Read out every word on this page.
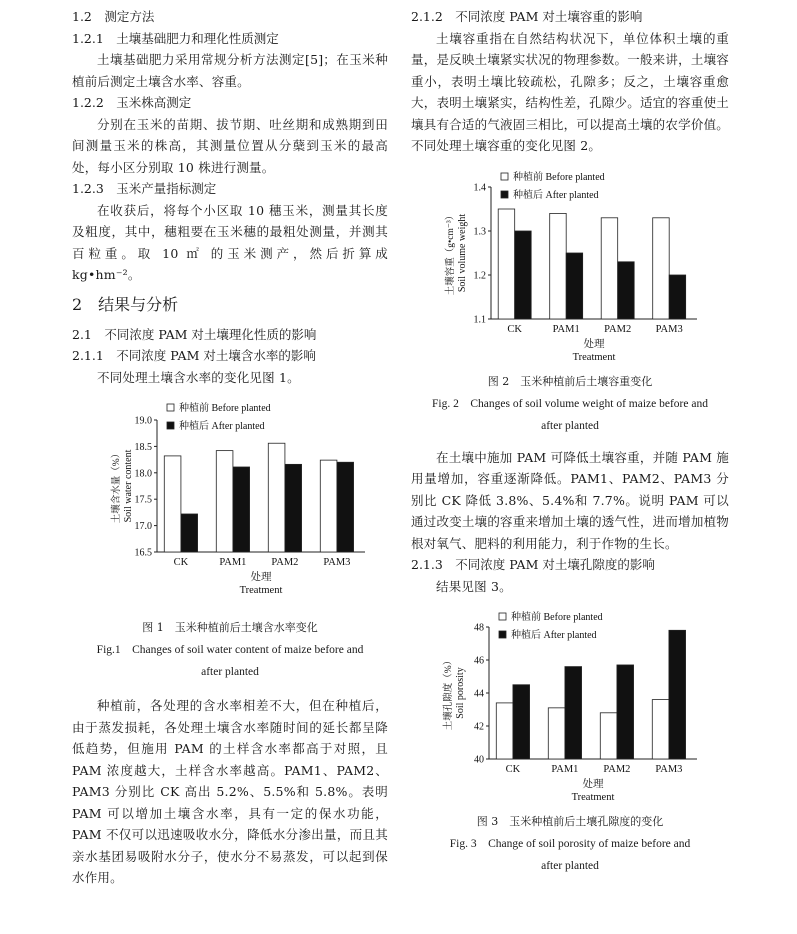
1.2　测定方法

1.2.1　土壤基础肥力和理化性质测定

土壤基础肥力采用常规分析方法测定[5]；在玉米种植前后测定土壤含水率、容重。

1.2.2　玉米株高测定

分别在玉米的苗期、拔节期、吐丝期和成熟期到田间测量玉米的株高，其测量位置从分蘖到玉米的最高处，每小区分别取 10 株进行测量。

1.2.3　玉米产量指标测定

在收获后，将每个小区取 10 穗玉米，测量其长度及粗度，其中，穗粗要在玉米穗的最粗处测量，并测其百粒重。取 10 ㎡ 的玉米测产，然后折算成 kg•hm⁻²。

2　结果与分析

2.1　不同浓度 PAM 对土壤理化性质的影响

2.1.1　不同浓度 PAM 对土壤含水率的影响

不同处理土壤含水率的变化见图 1。

种植前 Before planted
种植后 After planted
19.0
18.5
18.0
17.5
17.0
16.5
CK	PAM1 PAM2 PAM3
处理
Treatment
土壤含水量（%） Soil water content

图 1　玉米种植前后土壤含水率变化

Fig.1　Changes of soil water content of maize before and

after planted

种植前，各处理的含水率相差不大，但在种植后，由于蒸发损耗，各处理土壤含水率随时间的延长都呈降低趋势，但施用 PAM 的土样含水率都高于对照，且 PAM 浓度越大，土样含水率越高。PAM1、PAM2、PAM3 分别比 CK 高出 5.2%、5.5%和 5.8%。表明 PAM 可以增加土壤含水率，具有一定的保水功能，PAM 不仅可以迅速吸收水分，降低水分渗出量，而且其亲水基团易吸附水分子，使水分不易蒸发，可以起到保水作用。

2.1.2　不同浓度 PAM 对土壤容重的影响

土壤容重指在自然结构状况下，单位体积土壤的重量，是反映土壤紧实状况的物理参数。一般来讲，土壤容重小，表明土壤比较疏松，孔隙多；反之，土壤容重愈大，表明土壤紧实，结构性差，孔隙少。适宜的容重使土壤具有合适的气液固三相比，可以提高土壤的农学价值。不同处理土壤容重的变化见图 2。

种植前 Before planted
种植后 After planted
1.4
1.3
1.2
1.1
CK	PAM1 PAM2 PAM3
处理
Treatment
土壤容重（g•cm⁻³） Soil volume weight

图 2　玉米种植前后土壤容重变化

Fig. 2　Changes of soil volume weight of maize before and

after planted

在土壤中施加 PAM 可降低土壤容重，并随 PAM 施用量增加，容重逐渐降低。PAM1、PAM2、PAM3 分别比 CK 降低 3.8%、5.4%和 7.7%。说明 PAM 可以通过改变土壤的容重来增加土壤的透气性，进而增加植物根对氧气、肥料的利用能力，利于作物的生长。

2.1.3　不同浓度 PAM 对土壤孔隙度的影响

结果见图 3。

种植前 Before planted
种植后 After planted
48
46
44
42
40
CK	PAM1 PAM2 PAM3
处理
Treatment
土壤孔隙度（%） Soil porosity

图 3　玉米种植前后土壤孔隙度的变化

Fig. 3　Change of soil porosity of maize before and

after planted
